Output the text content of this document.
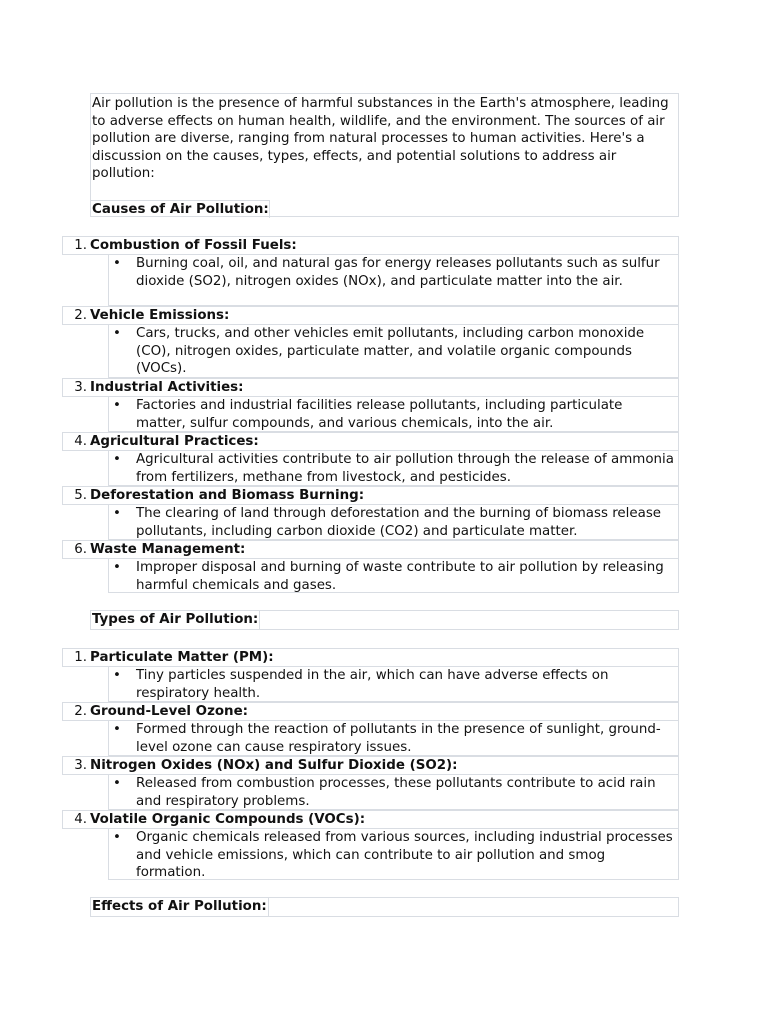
Air pollution is the presence of harmful substances in the Earth's atmosphere, leading to adverse effects on human health, wildlife, and the environment. The sources of air pollution are diverse, ranging from natural processes to human activities. Here's a discussion on the causes, types, effects, and potential solutions to address air pollution:

Causes of Air Pollution:
1. Combustion of Fossil Fuels:
• Burning coal, oil, and natural gas for energy releases pollutants such as sulfur dioxide (SO2), nitrogen oxides (NOx), and particulate matter into the air.
2. Vehicle Emissions:
• Cars, trucks, and other vehicles emit pollutants, including carbon monoxide (CO), nitrogen oxides, particulate matter, and volatile organic compounds (VOCs).
3. Industrial Activities:
• Factories and industrial facilities release pollutants, including particulate matter, sulfur compounds, and various chemicals, into the air.
4. Agricultural Practices:
• Agricultural activities contribute to air pollution through the release of ammonia from fertilizers, methane from livestock, and pesticides.
5. Deforestation and Biomass Burning:
• The clearing of land through deforestation and the burning of biomass release pollutants, including carbon dioxide (CO2) and particulate matter.
6. Waste Management:
• Improper disposal and burning of waste contribute to air pollution by releasing harmful chemicals and gases.
Types of Air Pollution:
1. Particulate Matter (PM):
• Tiny particles suspended in the air, which can have adverse effects on respiratory health.
2. Ground-Level Ozone:
• Formed through the reaction of pollutants in the presence of sunlight, ground-level ozone can cause respiratory issues.
3. Nitrogen Oxides (NOx) and Sulfur Dioxide (SO2):
• Released from combustion processes, these pollutants contribute to acid rain and respiratory problems.
4. Volatile Organic Compounds (VOCs):
• Organic chemicals released from various sources, including industrial processes and vehicle emissions, which can contribute to air pollution and smog formation.
Effects of Air Pollution:
